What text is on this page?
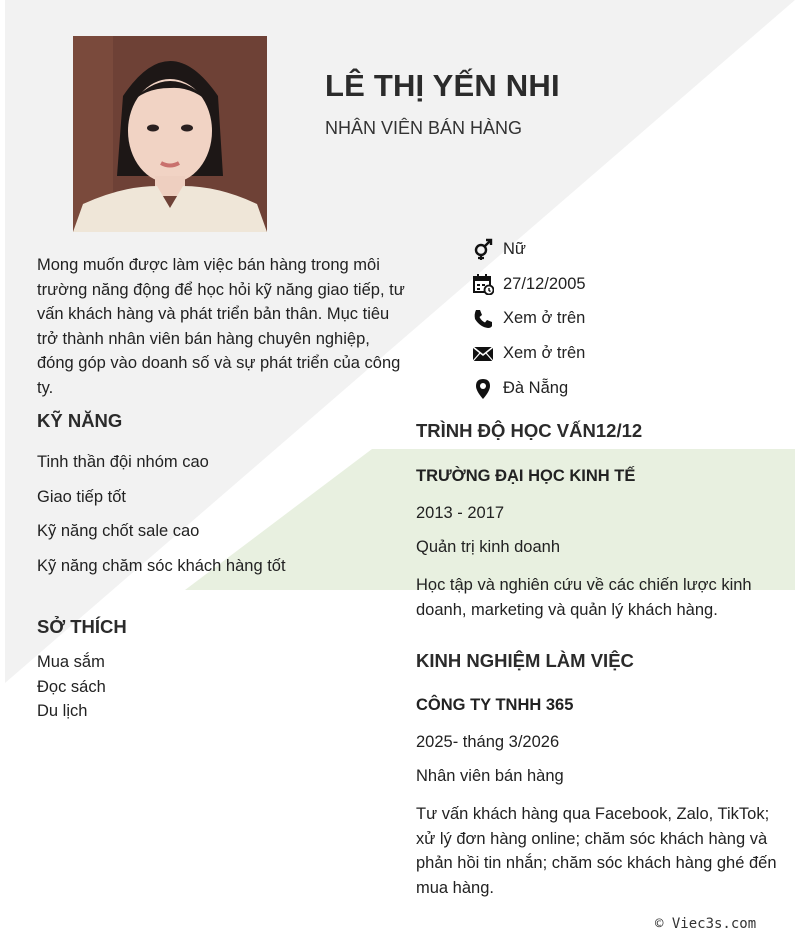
LÊ THỊ YẾN NHI
NHÂN VIÊN BÁN HÀNG
Mong muốn được làm việc bán hàng trong môi trường năng động để học hỏi kỹ năng giao tiếp, tư vấn khách hàng và phát triển bản thân. Mục tiêu trở thành nhân viên bán hàng chuyên nghiệp, đóng góp vào doanh số và sự phát triển của công ty.
Nữ
27/12/2005
Xem ở trên
Xem ở trên
Đà Nẵng
KỸ NĂNG
Tinh thần đội nhóm cao
Giao tiếp tốt
Kỹ năng chốt sale cao
Kỹ năng chăm sóc khách hàng tốt
SỞ THÍCH
Mua sắm
Đọc sách
Du lịch
TRÌNH ĐỘ HỌC VẤN12/12
TRƯỜNG ĐẠI HỌC KINH TẾ
2013 - 2017
Quản trị kinh doanh
Học tập và nghiên cứu về các chiến lược kinh doanh, marketing và quản lý khách hàng.
KINH NGHIỆM LÀM VIỆC
CÔNG TY TNHH 365
2025- tháng 3/2026
Nhân viên bán hàng
Tư vấn khách hàng qua Facebook, Zalo, TikTok; xử lý đơn hàng online; chăm sóc khách hàng và phản hồi tin nhắn; chăm sóc khách hàng ghé đến mua hàng.
© Viec3s.com
